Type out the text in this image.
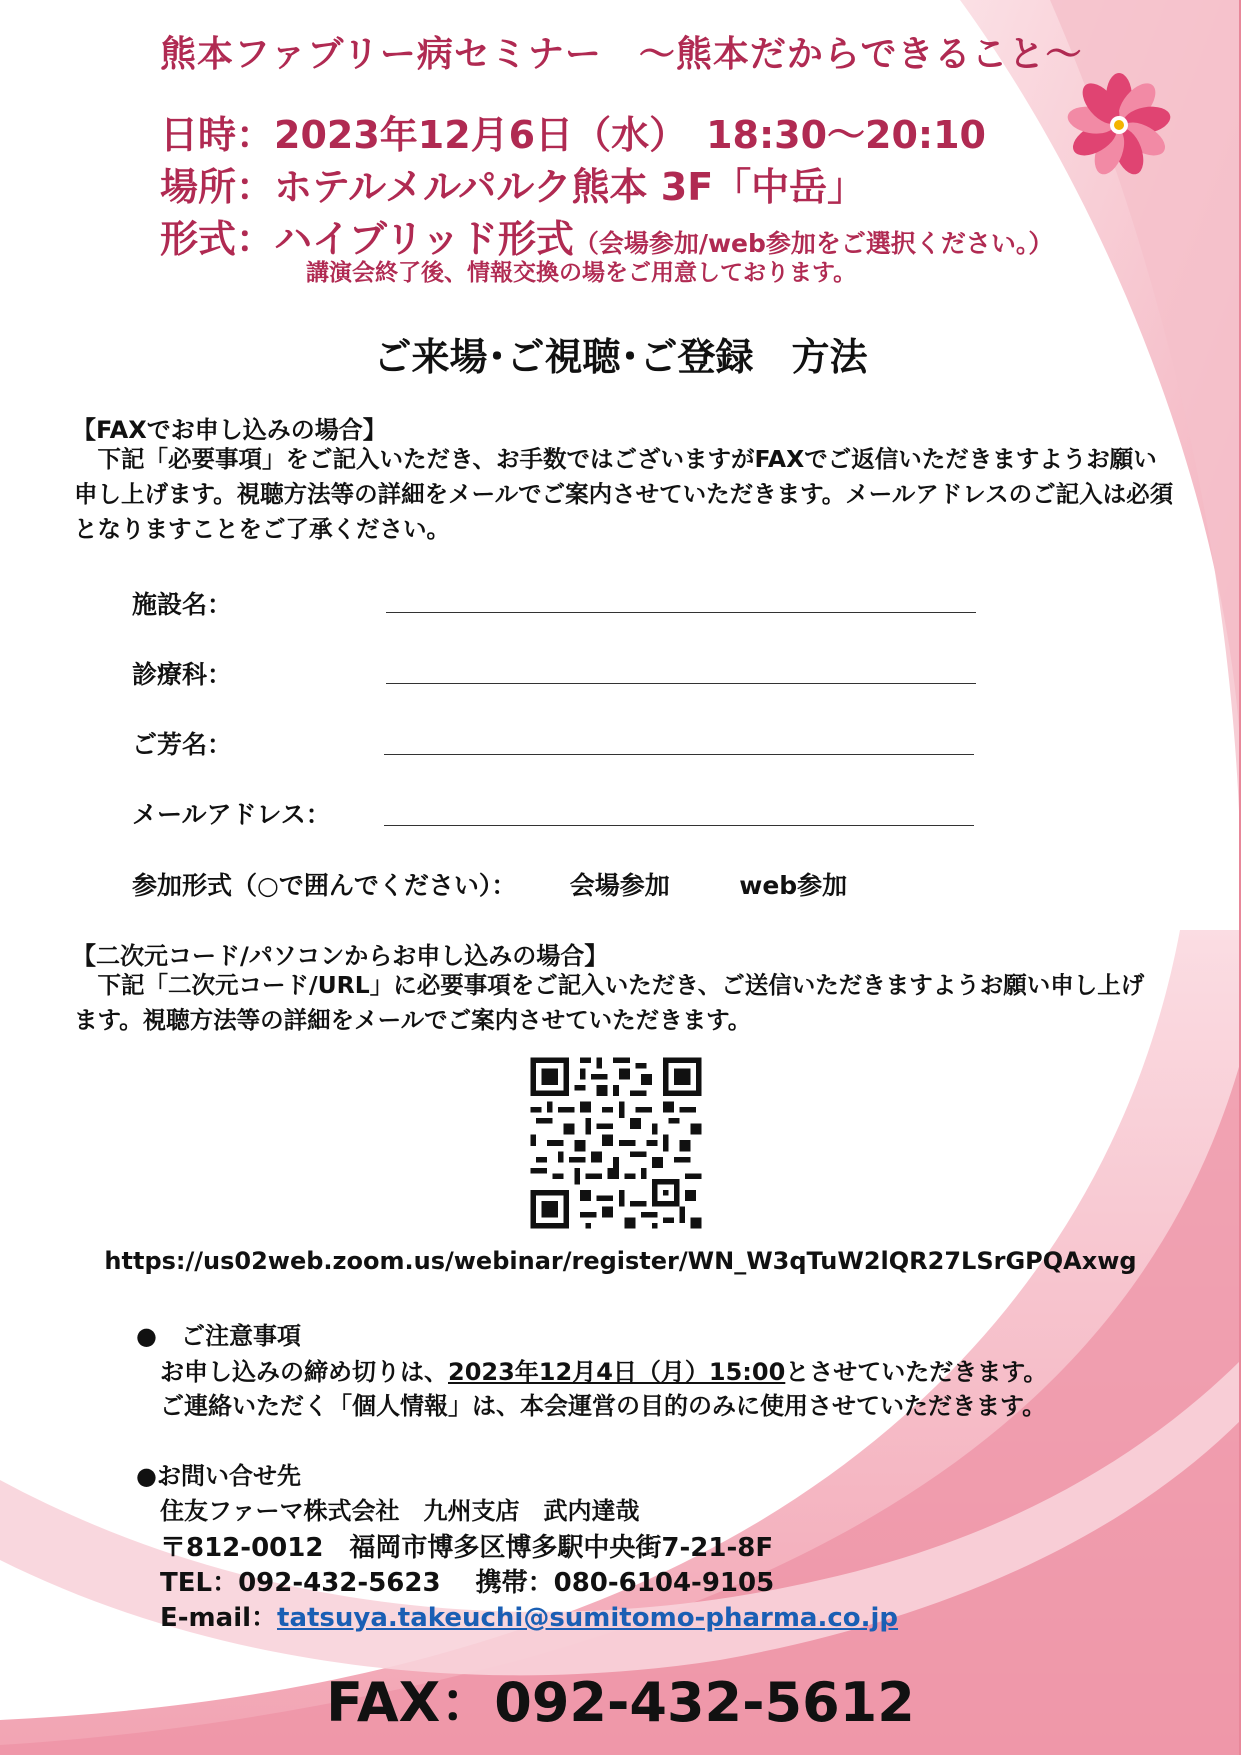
熊本ファブリー病セミナー　～熊本だからできること～
日時：2023年12月6日（水）　18:30～20:10
場所：ホテルメルパルク熊本 3F「中岳」
形式：ハイブリッド形式（会場参加/web参加をご選択ください。）
講演会終了後、情報交換の場をご用意しております。
ご来場･ご視聴･ご登録　方法
【FAXでお申し込みの場合】
　下記「必要事項」をご記入いただき、お手数ではございますがFAXでご返信いただきますようお願い申し上げます。視聴方法等の詳細をメールでご案内させていただきます。メールアドレスのご記入は必須となりますことをご了承ください。
施設名：
診療科：
ご芳名：
メールアドレス：
参加形式（○で囲んでください）： 会場参加	web参加
【二次元コード/パソコンからお申し込みの場合】
　下記「二次元コード/URL」に必要事項をご記入いただき、ご送信いただきますようお願い申し上げます。視聴方法等の詳細をメールでご案内させていただきます。
https://us02web.zoom.us/webinar/register/WN_W3qTuW2lQR27LSrGPQAxwg
●　ご注意事項
お申し込みの締め切りは、2023年12月4日（月）15:00とさせていただきます。
ご連絡いただく「個人情報」は、本会運営の目的のみに使用させていただきます。
●お問い合せ先
住友ファーマ株式会社　九州支店　武内達哉
〒812-0012　福岡市博多区博多駅中央街7-21-8F
TEL：092-432-5623　 携帯：080-6104-9105
E-mail：tatsuya.takeuchi@sumitomo-pharma.co.jp
FAX：092-432-5612
